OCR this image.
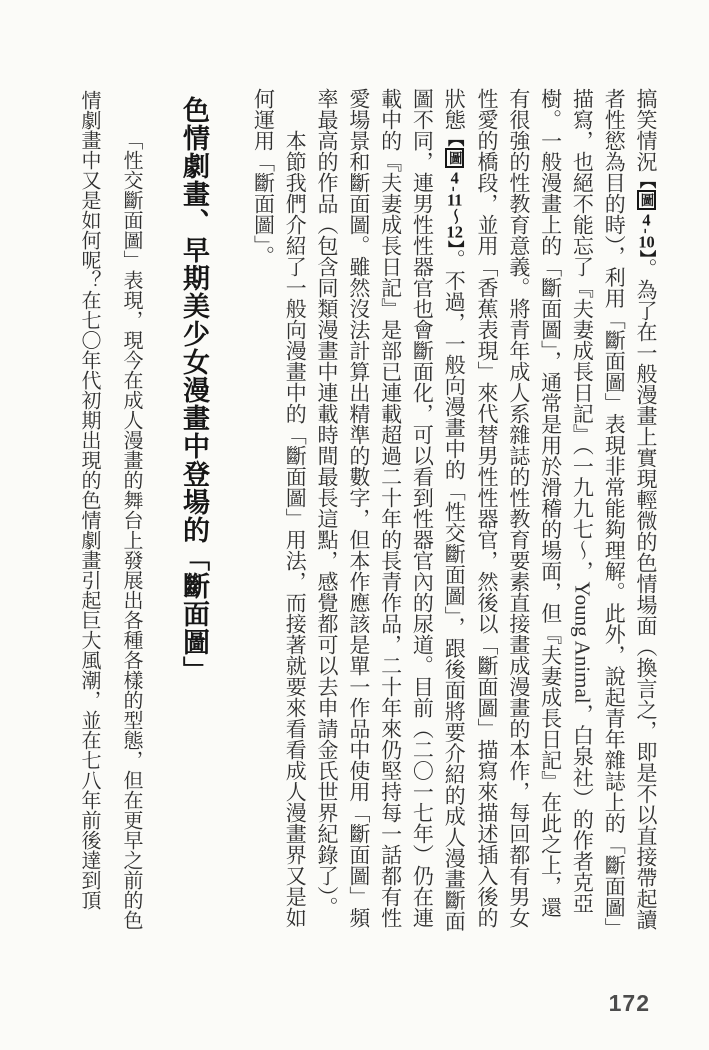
搞笑情況【圖4-10】。為了在一般漫畫上實現輕微的色情場面（換言之，即是不以直接帶起讀者性慾為目的時），利用「斷面圖」表現非常能夠理解。此外，說起青年雜誌上的「斷面圖」描寫，也絕不能忘了『夫妻成長日記』（一九九七～，Young Animal，白泉社）的作者克亞樹。一般漫畫上的「斷面圖」，通常是用於滑稽的場面，但『夫妻成長日記』在此之上，還有很強的性教育意義。將青年成人系雜誌的性教育要素直接畫成漫畫的本作，每回都有男女性愛的橋段，並用「香蕉表現」來代替男性性器官，然後以「斷面圖」描寫來描述插入後的狀態【圖4-11～12】。不過，一般向漫畫中的「性交斷面圖」，跟後面將要介紹的成人漫畫斷面圖不同，連男性性器官也會斷面化，可以看到性器官內的尿道。目前（二〇一七年）仍在連載中的『夫妻成長日記』是部已連載超過二十年的長青作品，二十年來仍堅持每一話都有性愛場景和斷面圖。雖然沒法計算出精準的數字，但本作應該是單一作品中使用「斷面圖」頻率最高的作品（包含同類漫畫中連載時間最長這點，感覺都可以去申請金氏世界紀錄了）。

本節我們介紹了一般向漫畫中的「斷面圖」用法，而接著就要來看看成人漫畫界又是如何運用「斷面圖」。

色情劇畫、早期美少女漫畫中登場的「斷面圖」

「性交斷面圖」表現，現今在成人漫畫的舞台上發展出各種各樣的型態，但在更早之前的色情劇畫中又是如何呢？在七〇年代初期出現的色情劇畫引起巨大風潮，並在七八年前後達到頂

172
